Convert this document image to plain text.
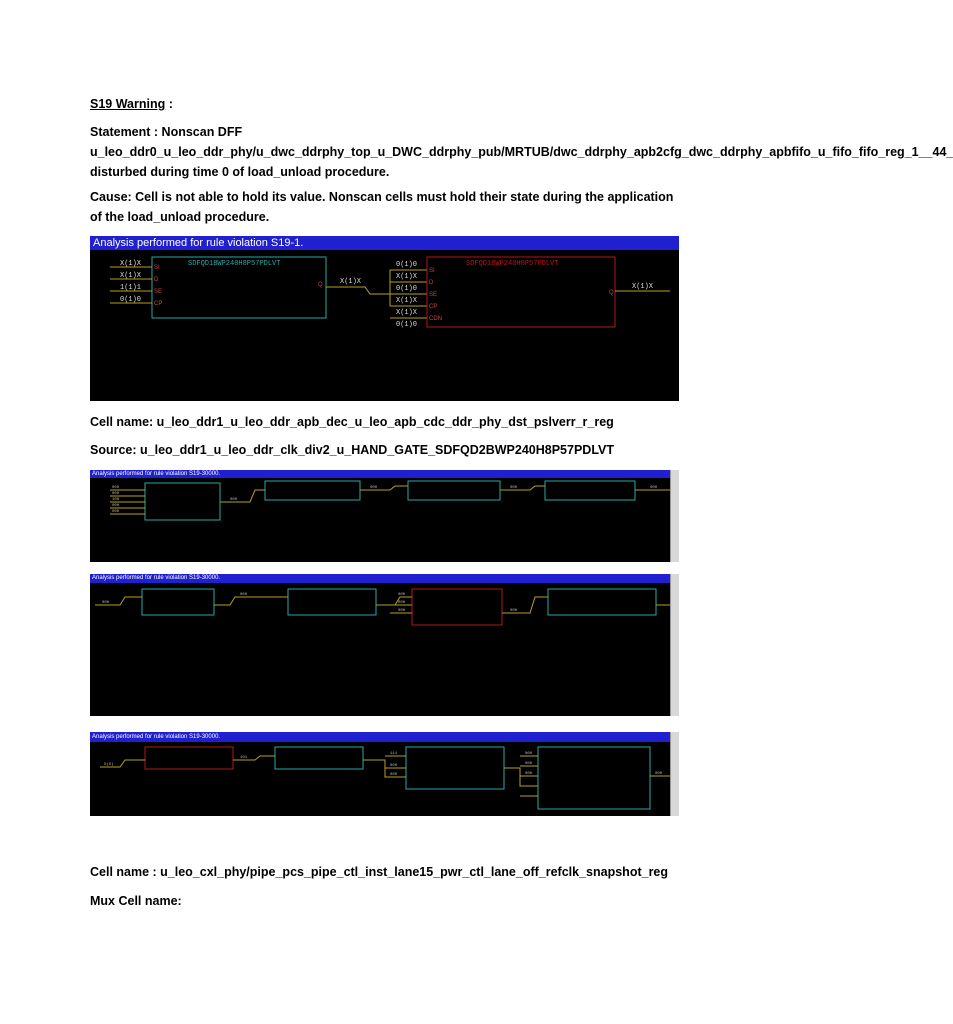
S19 Warning :
Statement : Nonscan DFF u_leo_ddr0_u_leo_ddr_phy/u_dwc_ddrphy_top_u_DWC_ddrphy_pub/MRTUB/dwc_ddrphy_apb2cfg_dwc_ddrphy_apbfifo_u_fifo_fifo_reg_1__44_ disturbed during time 0 of load_unload procedure.
Cause: Cell is not able to hold its value. Nonscan cells must hold their state during the application of the load_unload procedure.
Analysis performed for rule violation S19-1.
SDFQD1BWP240H8P57PDLVT
SI
D
SE
CP
Q
X(1)X
X(1)X
1(1)1
0(1)0
X(1)X
0(1)0
X(1)X
0(1)0
X(1)X
X(1)X
0(1)0
SDFQD1BWP240H8P57PDLVT
SI
D
SE
CP
CDN
Q
X(1)X
Cell name: u_leo_ddr1_u_leo_ddr_apb_dec_u_leo_apb_cdc_ddr_phy_dst_pslverr_r_reg
Source: u_leo_ddr1_u_leo_ddr_clk_div2_u_HAND_GATE_SDFQD2BWP240H8P57PDLVT
Analysis performed for rule violation S19-30000.
000
000
100
000
000
000
000	000	000
Analysis performed for rule violation S19-30000.
000
000	000
000
000	000
Analysis performed for rule violation S19-30000.
X(X)
101
111
000
000
000
000
000	000
Cell name : u_leo_cxl_phy/pipe_pcs_pipe_ctl_inst_lane15_pwr_ctl_lane_off_refclk_snapshot_reg
Mux Cell name:
